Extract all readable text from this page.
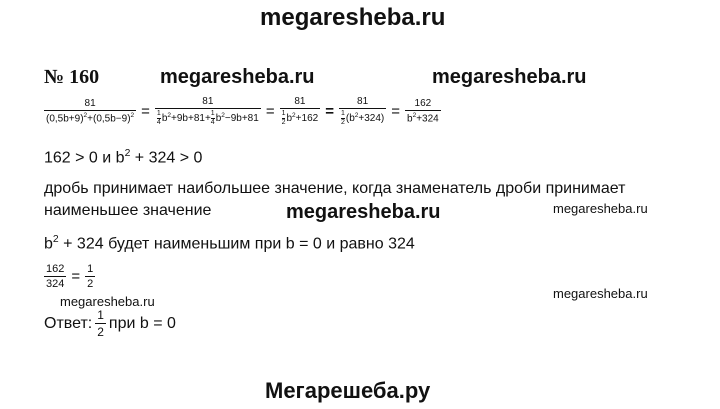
megaresheba.ru
№ 160	megaresheba.ru	megaresheba.ru
$\frac{81}{(0,5b+9)^2+(0,5b-9)^2} = \frac{81}{\frac{1}{4} b^2+9b+81+ \frac{1}{4} b^2-9b+81} = \frac{81}{\frac{1}{2} b^2+162} = \frac{81}{\frac{1}{2} (b^2+324)} = \frac{162}{b^2+324}$
162 > 0 и $b^2 + 324 > 0$
дробь принимает наибольшее значение, когда знаменатель дроби принимает
наименьшее значение	megaresheba.ru	megaresheba.ru
$b^2 + 324$ будет наименьшим при b = 0 и равно 324
$\frac{162}{324} = \frac{1}{2}$
megaresheba.ru
megaresheba.ru
Ответ: $\frac{1}{2}$ при b = 0
Мегарешеба.ру
